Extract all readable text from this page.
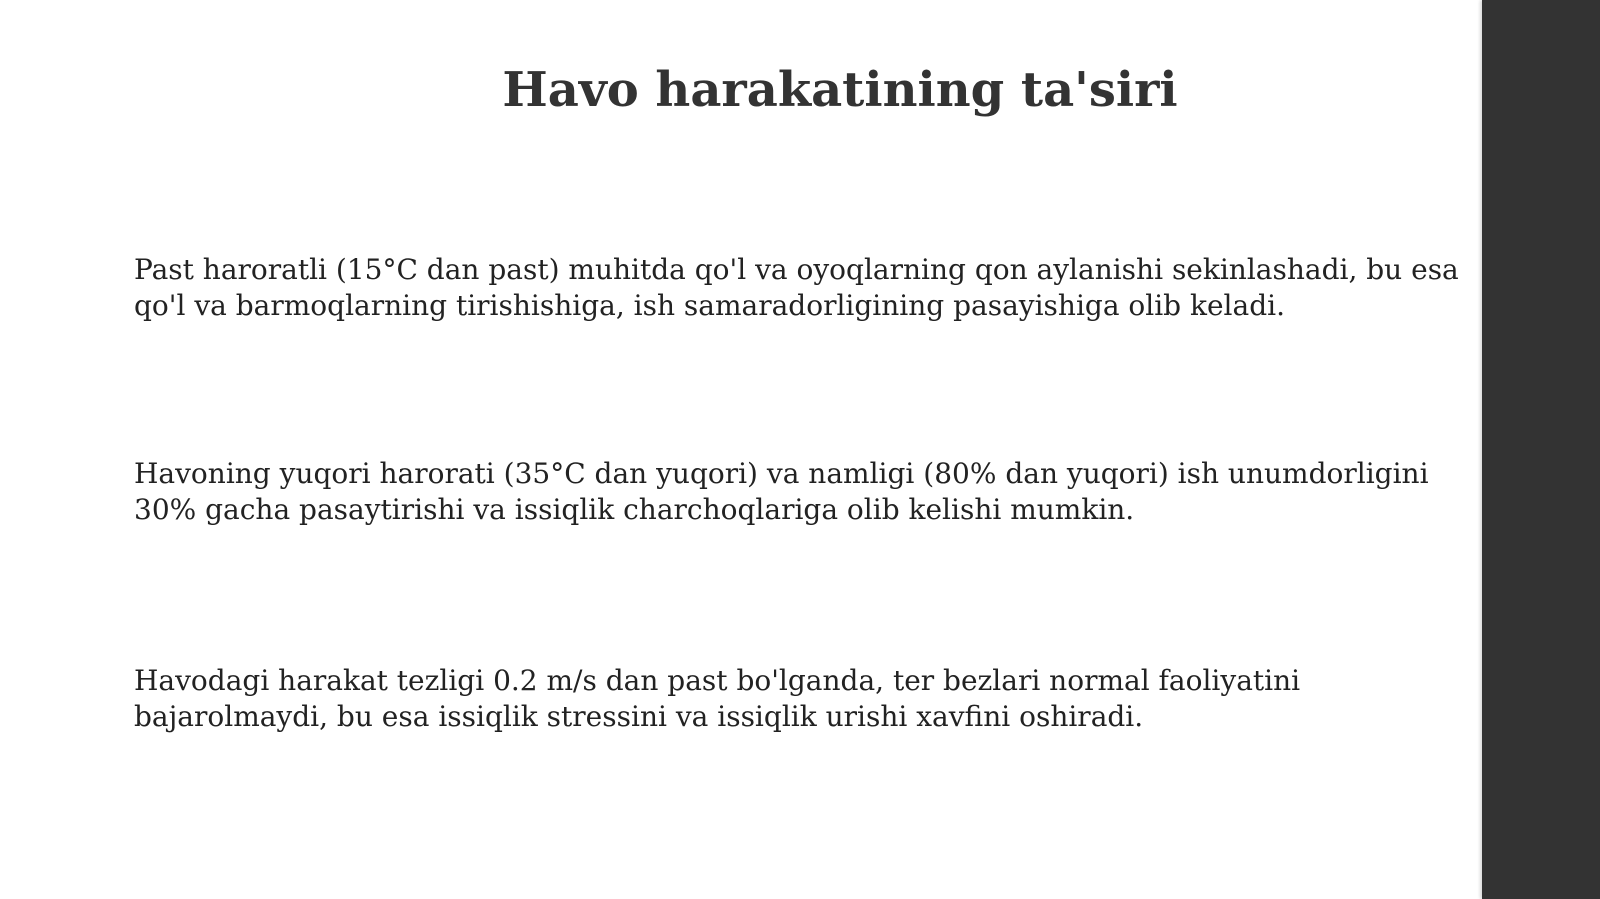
Havo harakatining ta'siri

Past haroratli (15°C dan past) muhitda qo'l va oyoqlarning qon aylanishi sekinlashadi, bu esa qo'l va barmoqlarning tirishishiga, ish samaradorligining pasayishiga olib keladi.

Havoning yuqori harorati (35°C dan yuqori) va namligi (80% dan yuqori) ish unumdorligini 30% gacha pasaytirishi va issiqlik charchoqlariga olib kelishi mumkin.

Havodagi harakat tezligi 0.2 m/s dan past bo'lganda, ter bezlari normal faoliyatini bajarolmaydi, bu esa issiqlik stressini va issiqlik urishi xavfini oshiradi.
